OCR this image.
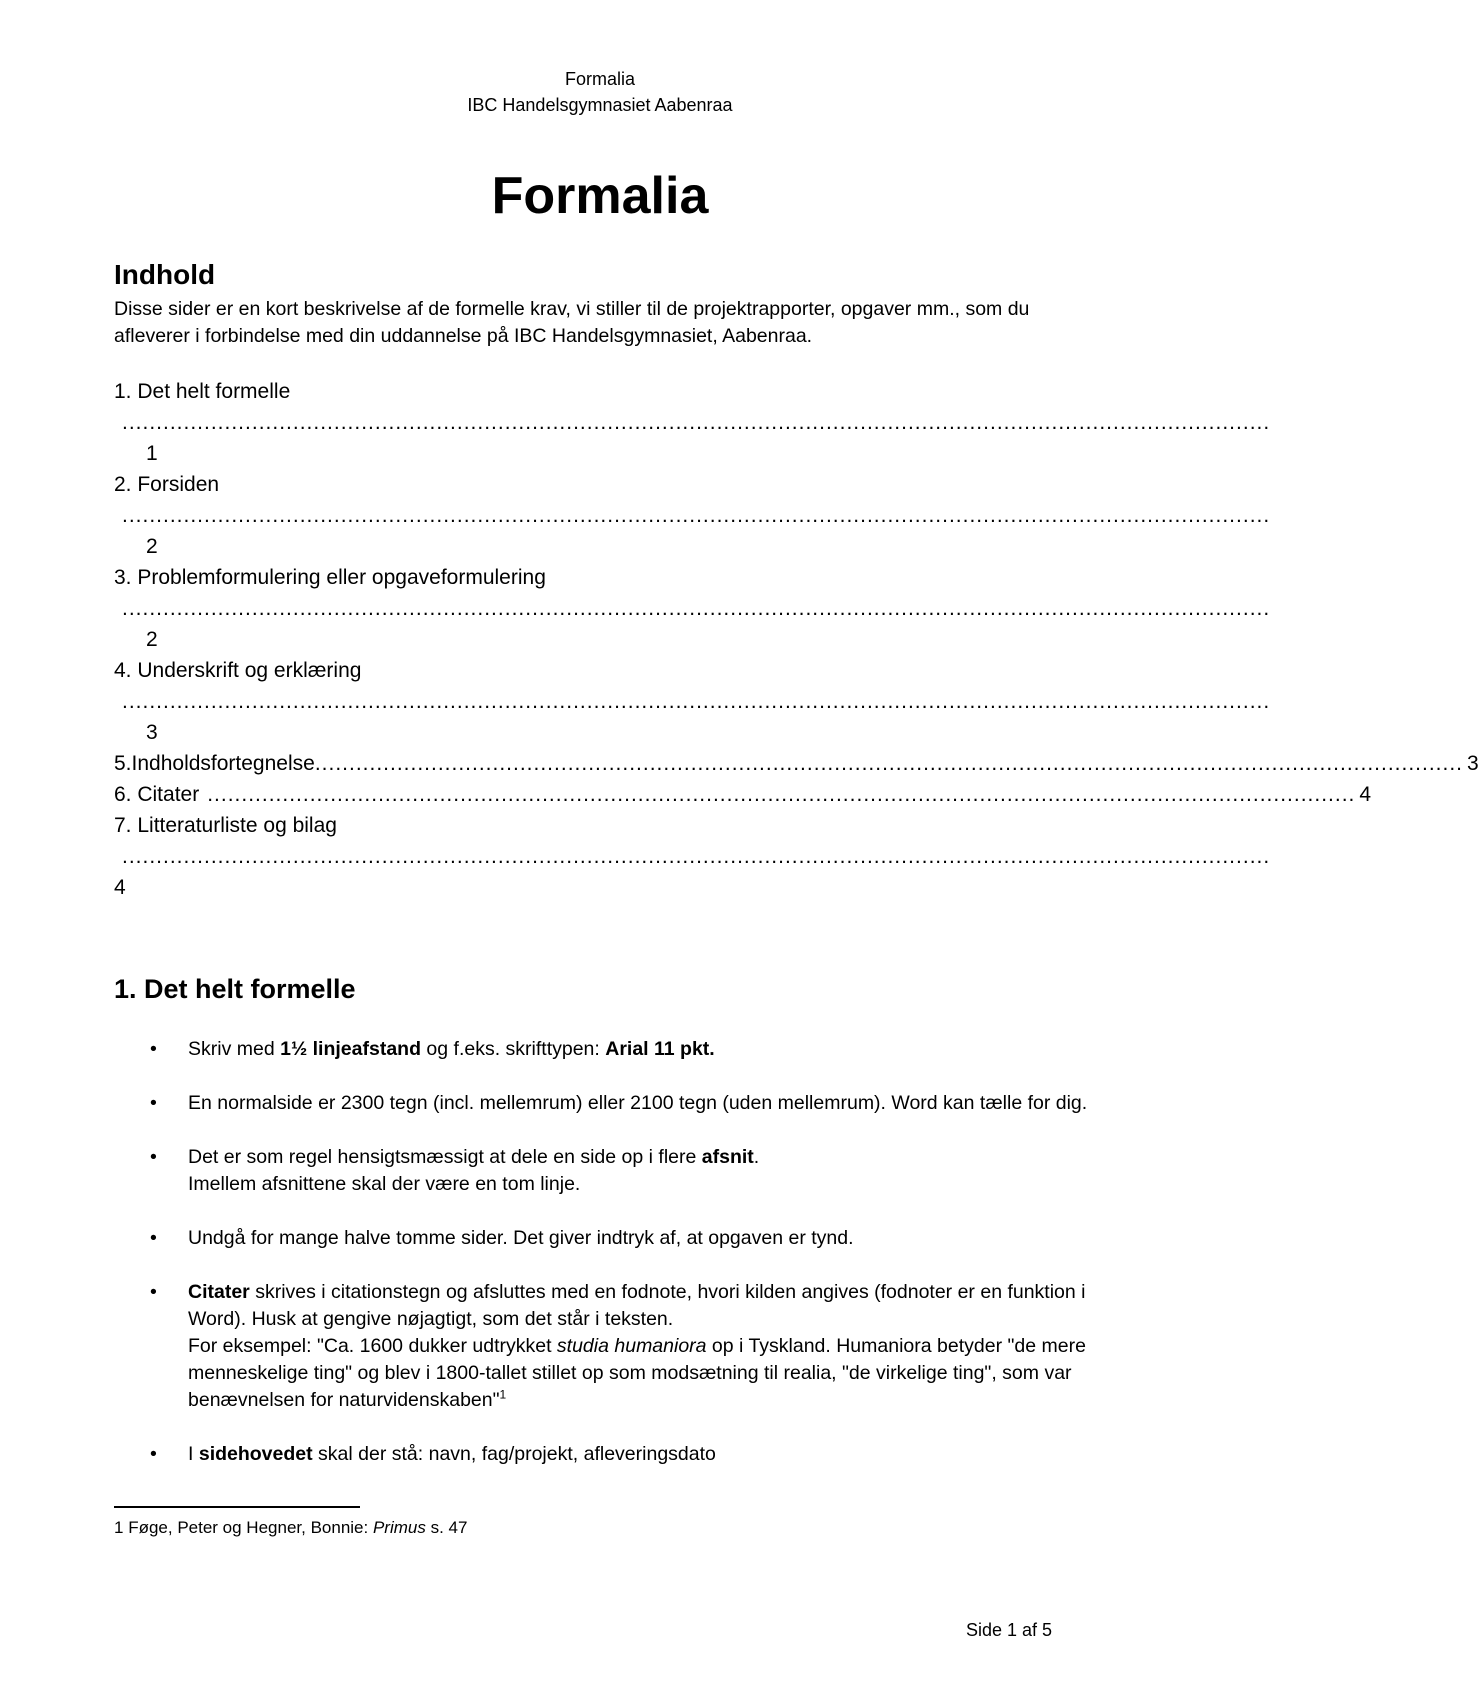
Formalia
IBC Handelsgymnasiet Aabenraa
Formalia
Indhold
Disse sider er en kort beskrivelse af de formelle krav, vi stiller til de projektrapporter, opgaver mm., som du afleverer i forbindelse med din uddannelse på IBC Handelsgymnasiet, Aabenraa.
1. Det helt formelle
........................................................................................................................................................................
1
2. Forsiden
........................................................................................................................................................................
2
3. Problemformulering eller opgaveformulering
........................................................................................................................................................................
2
4. Underskrift og erklæring
........................................................................................................................................................................
3
5.Indholdsfortegnelse ........................................................................................................................................................................ 3
6. Citater ........................................................................................................................................................................ 4
7. Litteraturliste og bilag
........................................................................................................................................................................
4
1. Det helt formelle
• Skriv med 1½ linjeafstand og f.eks. skrifttypen: Arial 11 pkt.
• En normalside er 2300 tegn (incl. mellemrum) eller 2100 tegn (uden mellemrum). Word kan tælle for dig.
• Det er som regel hensigtsmæssigt at dele en side op i flere afsnit.
Imellem afsnittene skal der være en tom linje.
• Undgå for mange halve tomme sider. Det giver indtryk af, at opgaven er tynd.
• Citater skrives i citationstegn og afsluttes med en fodnote, hvori kilden angives (fodnoter er en funktion i Word). Husk at gengive nøjagtigt, som det står i teksten.
For eksempel: "Ca. 1600 dukker udtrykket studia humaniora op i Tyskland. Humaniora betyder "de mere menneskelige ting" og blev i 1800-tallet stillet op som modsætning til realia, "de virkelige ting", som var benævnelsen for naturvidenskaben"$^1$
• I sidehovedet skal der stå: navn, fag/projekt, afleveringsdato
1 Føge, Peter og Hegner, Bonnie: Primus s. 47
Side 1 af 5
